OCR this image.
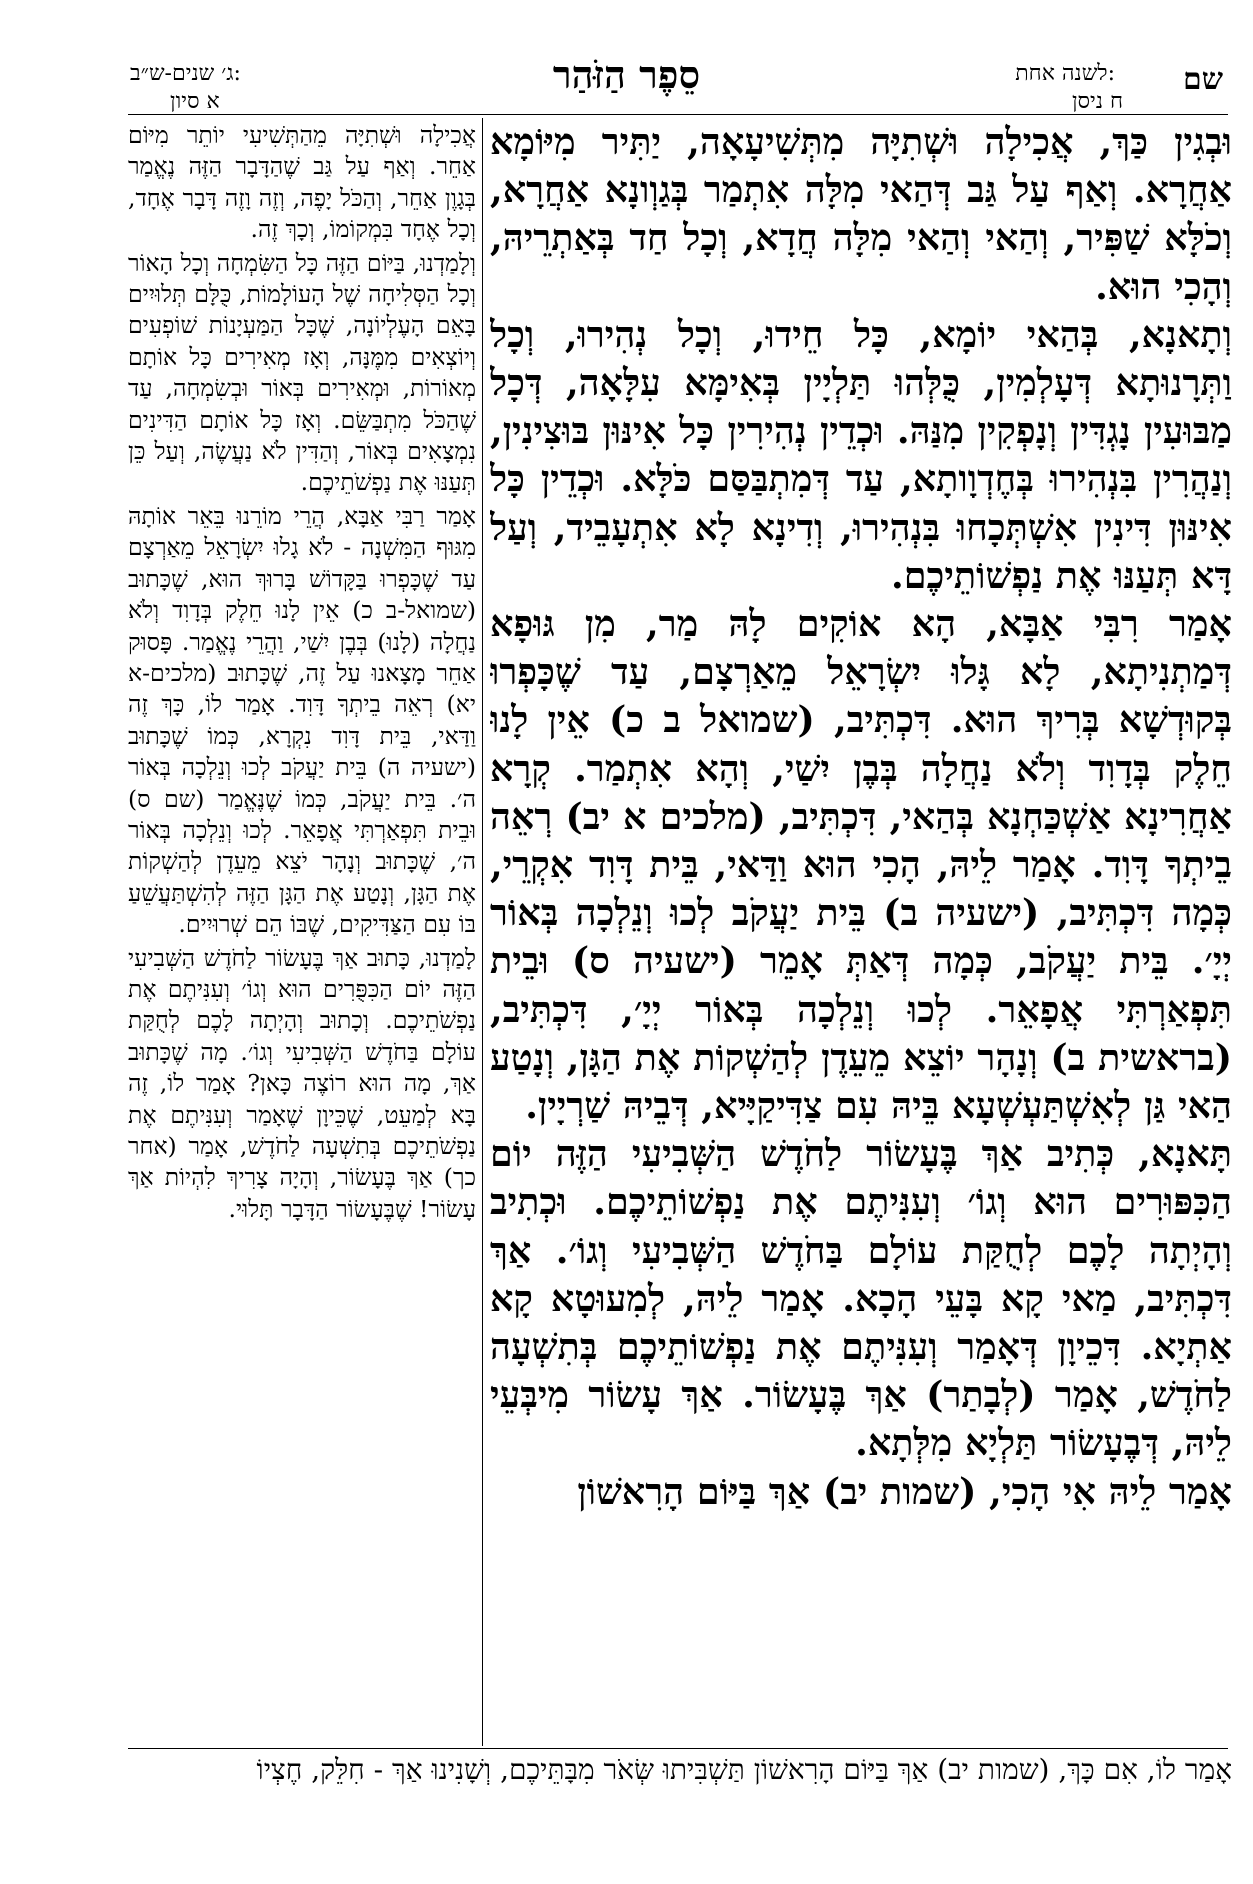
שם
לשנה אחת:
ח ניסן
סֵפֶר הַזֹּהַר
ג׳ שנים-ש״ב:
א סיון

וּבְגִין כַּךְ, אֲכִילָה וּשְׁתִיָּה מִתְּשִׁיעָאָה, יַתִּיר מִיּוֹמָא אַחֲרָא. וְאַף עַל גַּב דְּהַאי מִלָּה אִתְמַר בְּגַוְונָא אַחֲרָא, וְכֹלָּא שַׁפִּיר, וְהַאי וְהַאי מִלָּה חֲדָא, וְכָל חַד בְּאַתְרֵיהּ, וְהָכִי הוּא.

וְתָאנָא, בְּהַאי יוֹמָא, כָּל חֵידוּ, וְכָל נְהִירוּ, וְכָל וַתְּרָנוּתָא דְּעָלְמִין, כֻּלְּהוּ תַּלְיָין בְּאִימָּא עִלָּאָה, דְּכָל מַבּוּעִין נָגְדִּין וְנָפְקִין מִנַּהּ. וּכְדֵין נְהִירִין כָּל אִינּוּן בּוּצִינִין, וְנַהֲרִין בִּנְהִירוּ בְּחֶדְוָותָא, עַד דְּמִתְבַּסַּם כֹּלָּא. וּכְדֵין כָּל אִינּוּן דִּינִין אִשְׁתְּכָחוּ בִּנְהִירוּ, וְדִינָא לָא אִתְעָבֵיד, וְעַל דָּא תְּעַנּוּ אֶת נַפְשׁוֹתֵיכֶם.

אָמַר רִבִּי אַבָּא, הָא אוֹקִים לָהּ מַר, מִן גּוּפָא דְּמַתְנִיתָא, לָא גָּלוּ יִשְׂרָאֵל מֵאַרְצָם, עַד שֶׁכָּפְרוּ בְּקוּדְשָׁא בְּרִיךְ הוּא. דִּכְתִּיב, (שמואל ב כ) אֵין לָנוּ חֵלֶק בְּדָוִד וְלֹא נַחֲלָה בְּבֶן יִשַׁי, וְהָא אִתְמַר. קְרָא אַחֲרִינָא אַשְׁכַּחְנָא בְּהַאי, דִּכְתִּיב, (מלכים א יב) רְאֵה בֵיתְךָ דָּוִד. אָמַר לֵיהּ, הָכִי הוּא וַדַּאי, בֵּית דָּוִד אִקְרֵי, כְּמָה דִּכְתִּיב, (ישעיה ב) בֵּית יַעֲקֹב לְכוּ וְנֵלְכָה בְּאוֹר יְיָ׳. בֵּית יַעֲקֹב, כְּמָה דְּאַתְּ אָמֵר (ישעיה ס) וּבֵית תִּפְאַרְתִּי אֲפָאֵר. לְכוּ וְנֵלְכָה בְּאוֹר יְיָ׳, דִּכְתִּיב, (בראשית ב) וְנָהָר יוֹצֵא מֵעֵדֶן לְהַשְׁקוֹת אֶת הַגָּן, וְנָטַע הַאי גַּן לְאִשְׁתַּעְשְׁעָא בֵּיהּ עִם צַדִּיקַיָּיא, דְּבֵיהּ שַׁרְיָין.

תָּאנָא, כְּתִיב אַךְ בֶּעָשׂוֹר לַחֹדֶשׁ הַשְּׁבִיעִי הַזֶּה יוֹם הַכִּפּוּרִים הוּא וְגוֹ׳ וְעִנִּיתֶם אֶת נַפְשׁוֹתֵיכֶם. וּכְתִיב וְהָיְתָה לָכֶם לְחֻקַּת עוֹלָם בַּחֹדֶשׁ הַשְּׁבִיעִי וְגוֹ׳. אַךְ דִּכְתִּיב, מַאי קָא בָּעֵי הָכָא. אָמַר לֵיהּ, לְמִעוּטָא קָא אַתְיָא. דִּכֵיוָן דְּאָמַר וְעִנִּיתֶם אֶת נַפְשׁוֹתֵיכֶם בְּתִשְׁעָה לַחֹדֶשׁ, אָמַר (לְבָתַר) אַךְ בֶּעָשׂוֹר. אַךְ עָשׂוֹר מִיבְּעֵי לֵיהּ, דְּבֶעָשׂוֹר תַּלְיָא מִלְּתָא.

אָמַר לֵיהּ אִי הָכִי, (שמות יב) אַךְ בַּיּוֹם הָרִאשׁוֹן

אֲכִילָה וּשְׁתִיָּה מֵהַתְּשִׁיעִי יוֹתֵר מִיּוֹם אַחֵר. וְאַף עַל גַּב שֶׁהַדָּבָר הַזֶּה נֶאֱמַר בְּגָוֶן אַחֵר, וְהַכֹּל יָפֶה, וְזֶה וָזֶה דָּבָר אֶחָד, וְכָל אֶחָד בִּמְקוֹמוֹ, וְכָךְ זֶה.

וְלָמַדְנוּ, בַּיּוֹם הַזֶּה כָּל הַשִּׂמְחָה וְכָל הָאוֹר וְכָל הַסְּלִיחָה שֶׁל הָעוֹלָמוֹת, כֻּלָּם תְּלוּיִים בָּאֵם הָעֶלְיוֹנָה, שֶׁכָּל הַמַּעְיָנוֹת שׁוֹפְעִים וְיוֹצְאִים מִמֶּנָּה, וְאָז מְאִירִים כָּל אוֹתָם מְאוֹרוֹת, וּמְאִירִים בְּאוֹר וּבְשִׂמְחָה, עַד שֶׁהַכֹּל מִתְבַּשֵּׂם. וְאָז כָּל אוֹתָם הַדִּינִים נִמְצָאִים בְּאוֹר, וְהַדִּין לֹא נַעֲשֶׂה, וְעַל כֵּן תְּעַנּוּ אֶת נַפְשֹׁתֵיכֶם.

אָמַר רַבִּי אַבָּא, הֲרֵי מוֹרֵנוּ בֵּאֵר אוֹתָהּ מִגּוּף הַמִּשְׁנָה - לֹא גָלוּ יִשְׂרָאֵל מֵאַרְצָם עַד שֶׁכָּפְרוּ בַּקָּדוֹשׁ בָּרוּךְ הוּא, שֶׁכָּתוּב (שמואל-ב כ) אֵין לָנוּ חֵלֶק בְּדָוִד וְלֹא נַחֲלָה (לָנוּ) בְּבֶן יִשַׁי, וַהֲרֵי נֶאֱמַר. פָּסוּק אַחֵר מָצָאנוּ עַל זֶה, שֶׁכָּתוּב (מלכים-א יא) רְאֵה בֵיתְךָ דָּוִד. אָמַר לוֹ, כָּךְ זֶה וַדַּאי, בֵּית דָּוִד נִקְרָא, כְּמוֹ שֶׁכָּתוּב (ישעיה ה) בֵּית יַעֲקֹב לְכוּ וְנֵלְכָה בְּאוֹר ה׳. בֵּית יַעֲקֹב, כְּמוֹ שֶׁנֶּאֱמַר (שם ס) וּבֵית תִּפְאַרְתִּי אֲפָאֵר. לְכוּ וְנֵלְכָה בְּאוֹר ה׳, שֶׁכָּתוּב וְנָהָר יֹצֵא מֵעֵדֶן לְהַשְׁקוֹת אֶת הַגָּן, וְנָטַע אֶת הַגָּן הַזֶּה לְהִשְׁתַּעֲשֵׁעַ בּוֹ עִם הַצַּדִּיקִים, שֶׁבּוֹ הֵם שְׁרוּיִים.

לָמַדְנוּ, כָּתוּב אַךְ בֶּעָשׂוֹר לַחֹדֶשׁ הַשְּׁבִיעִי הַזֶּה יוֹם הַכִּפֻּרִים הוּא וְגוֹ׳ וְעִנִּיתֶם אֶת נַפְשֹׁתֵיכֶם. וְכָתוּב וְהָיְתָה לָכֶם לְחֻקַּת עוֹלָם בַּחֹדֶשׁ הַשְּׁבִיעִי וְגוֹ׳. מָה שֶׁכָּתוּב אַךְ, מָה הוּא רוֹצֶה כָּאן? אָמַר לוֹ, זֶה בָּא לְמַעֵט, שֶׁכֵּיוָן שֶׁאָמַר וְעִנִּיתֶם אֶת נַפְשֹׁתֵיכֶם בְּתִשְׁעָה לַחֹדֶשׁ, אָמַר (אחר כך) אַךְ בֶּעָשׂוֹר, וְהָיָה צָרִיךְ לִהְיוֹת אַךְ עָשׂוֹר! שֶׁבֶּעָשׂוֹר הַדָּבָר תָּלוּי.

אָמַר לוֹ, אִם כָּךְ, (שמות יב) אַךְ בַּיּוֹם הָרִאשׁוֹן תַּשְׁבִּיתוּ שְּׂאֹר מִבָּתֵּיכֶם, וְשָׁנִינוּ אַךְ - חִלֵּק, חֶצְיוֹ
